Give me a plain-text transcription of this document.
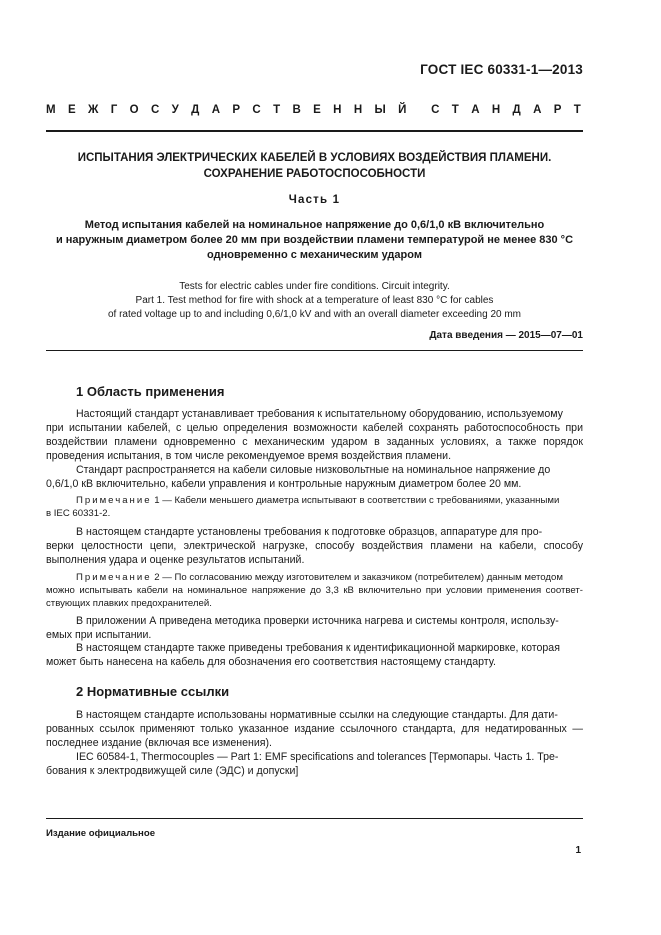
ГОСТ IEC 60331-1—2013
М Е Ж Г О С У Д А Р С Т В Е Н Н Ы Й С Т А Н Д А Р Т
ИСПЫТАНИЯ ЭЛЕКТРИЧЕСКИХ КАБЕЛЕЙ В УСЛОВИЯХ ВОЗДЕЙСТВИЯ ПЛАМЕНИ.
СОХРАНЕНИЕ РАБОТОСПОСОБНОСТИ
Часть 1
Метод испытания кабелей на номинальное напряжение до 0,6/1,0 кВ включительно
и наружным диаметром более 20 мм при воздействии пламени температурой не менее 830 °С
одновременно с механическим ударом
Tests for electric cables under fire conditions. Circuit integrity.
Part 1. Test method for fire with shock at a temperature of least 830 °C for cables
of rated voltage up to and including 0,6/1,0 kV and with an overall diameter exceeding 20 mm
Дата введения — 2015—07—01
1 Область применения
Настоящий стандарт устанавливает требования к испытательному оборудованию, используемому
при испытании кабелей, с целью определения возможности кабелей сохранять работоспособность при воздействии пламени одновременно с механическим ударом в заданных условиях, а также порядок проведения испытания, в том числе рекомендуемое время воздействия пламени.
Стандарт распространяется на кабели силовые низковольтные на номинальное напряжение до
0,6/1,0 кВ включительно, кабели управления и контрольные наружным диаметром более 20 мм.
Примечание 1 — Кабели меньшего диаметра испытывают в соответствии с требованиями, указанными
в IEC 60331-2.
В настоящем стандарте установлены требования к подготовке образцов, аппаратуре для про-
верки целостности цепи, электрической нагрузке, способу воздействия пламени на кабели, способу выполнения удара и оценке результатов испытаний.
Примечание 2 — По согласованию между изготовителем и заказчиком (потребителем) данным методом
можно испытывать кабели на номинальное напряжение до 3,3 кВ включительно при условии применения соответ-ствующих плавких предохранителей.
В приложении А приведена методика проверки источника нагрева и системы контроля, использу-
емых при испытании.
В настоящем стандарте также приведены требования к идентификационной маркировке, которая
может быть нанесена на кабель для обозначения его соответствия настоящему стандарту.
2 Нормативные ссылки
В настоящем стандарте использованы нормативные ссылки на следующие стандарты. Для дати-
рованных ссылок применяют только указанное издание ссылочного стандарта, для недатированных — последнее издание (включая все изменения).
IEC 60584-1, Thermocouples — Part 1: EMF specifications and tolerances [Термопары. Часть 1. Тре-
бования к электродвижущей силе (ЭДС) и допуски]
Издание официальное
1
